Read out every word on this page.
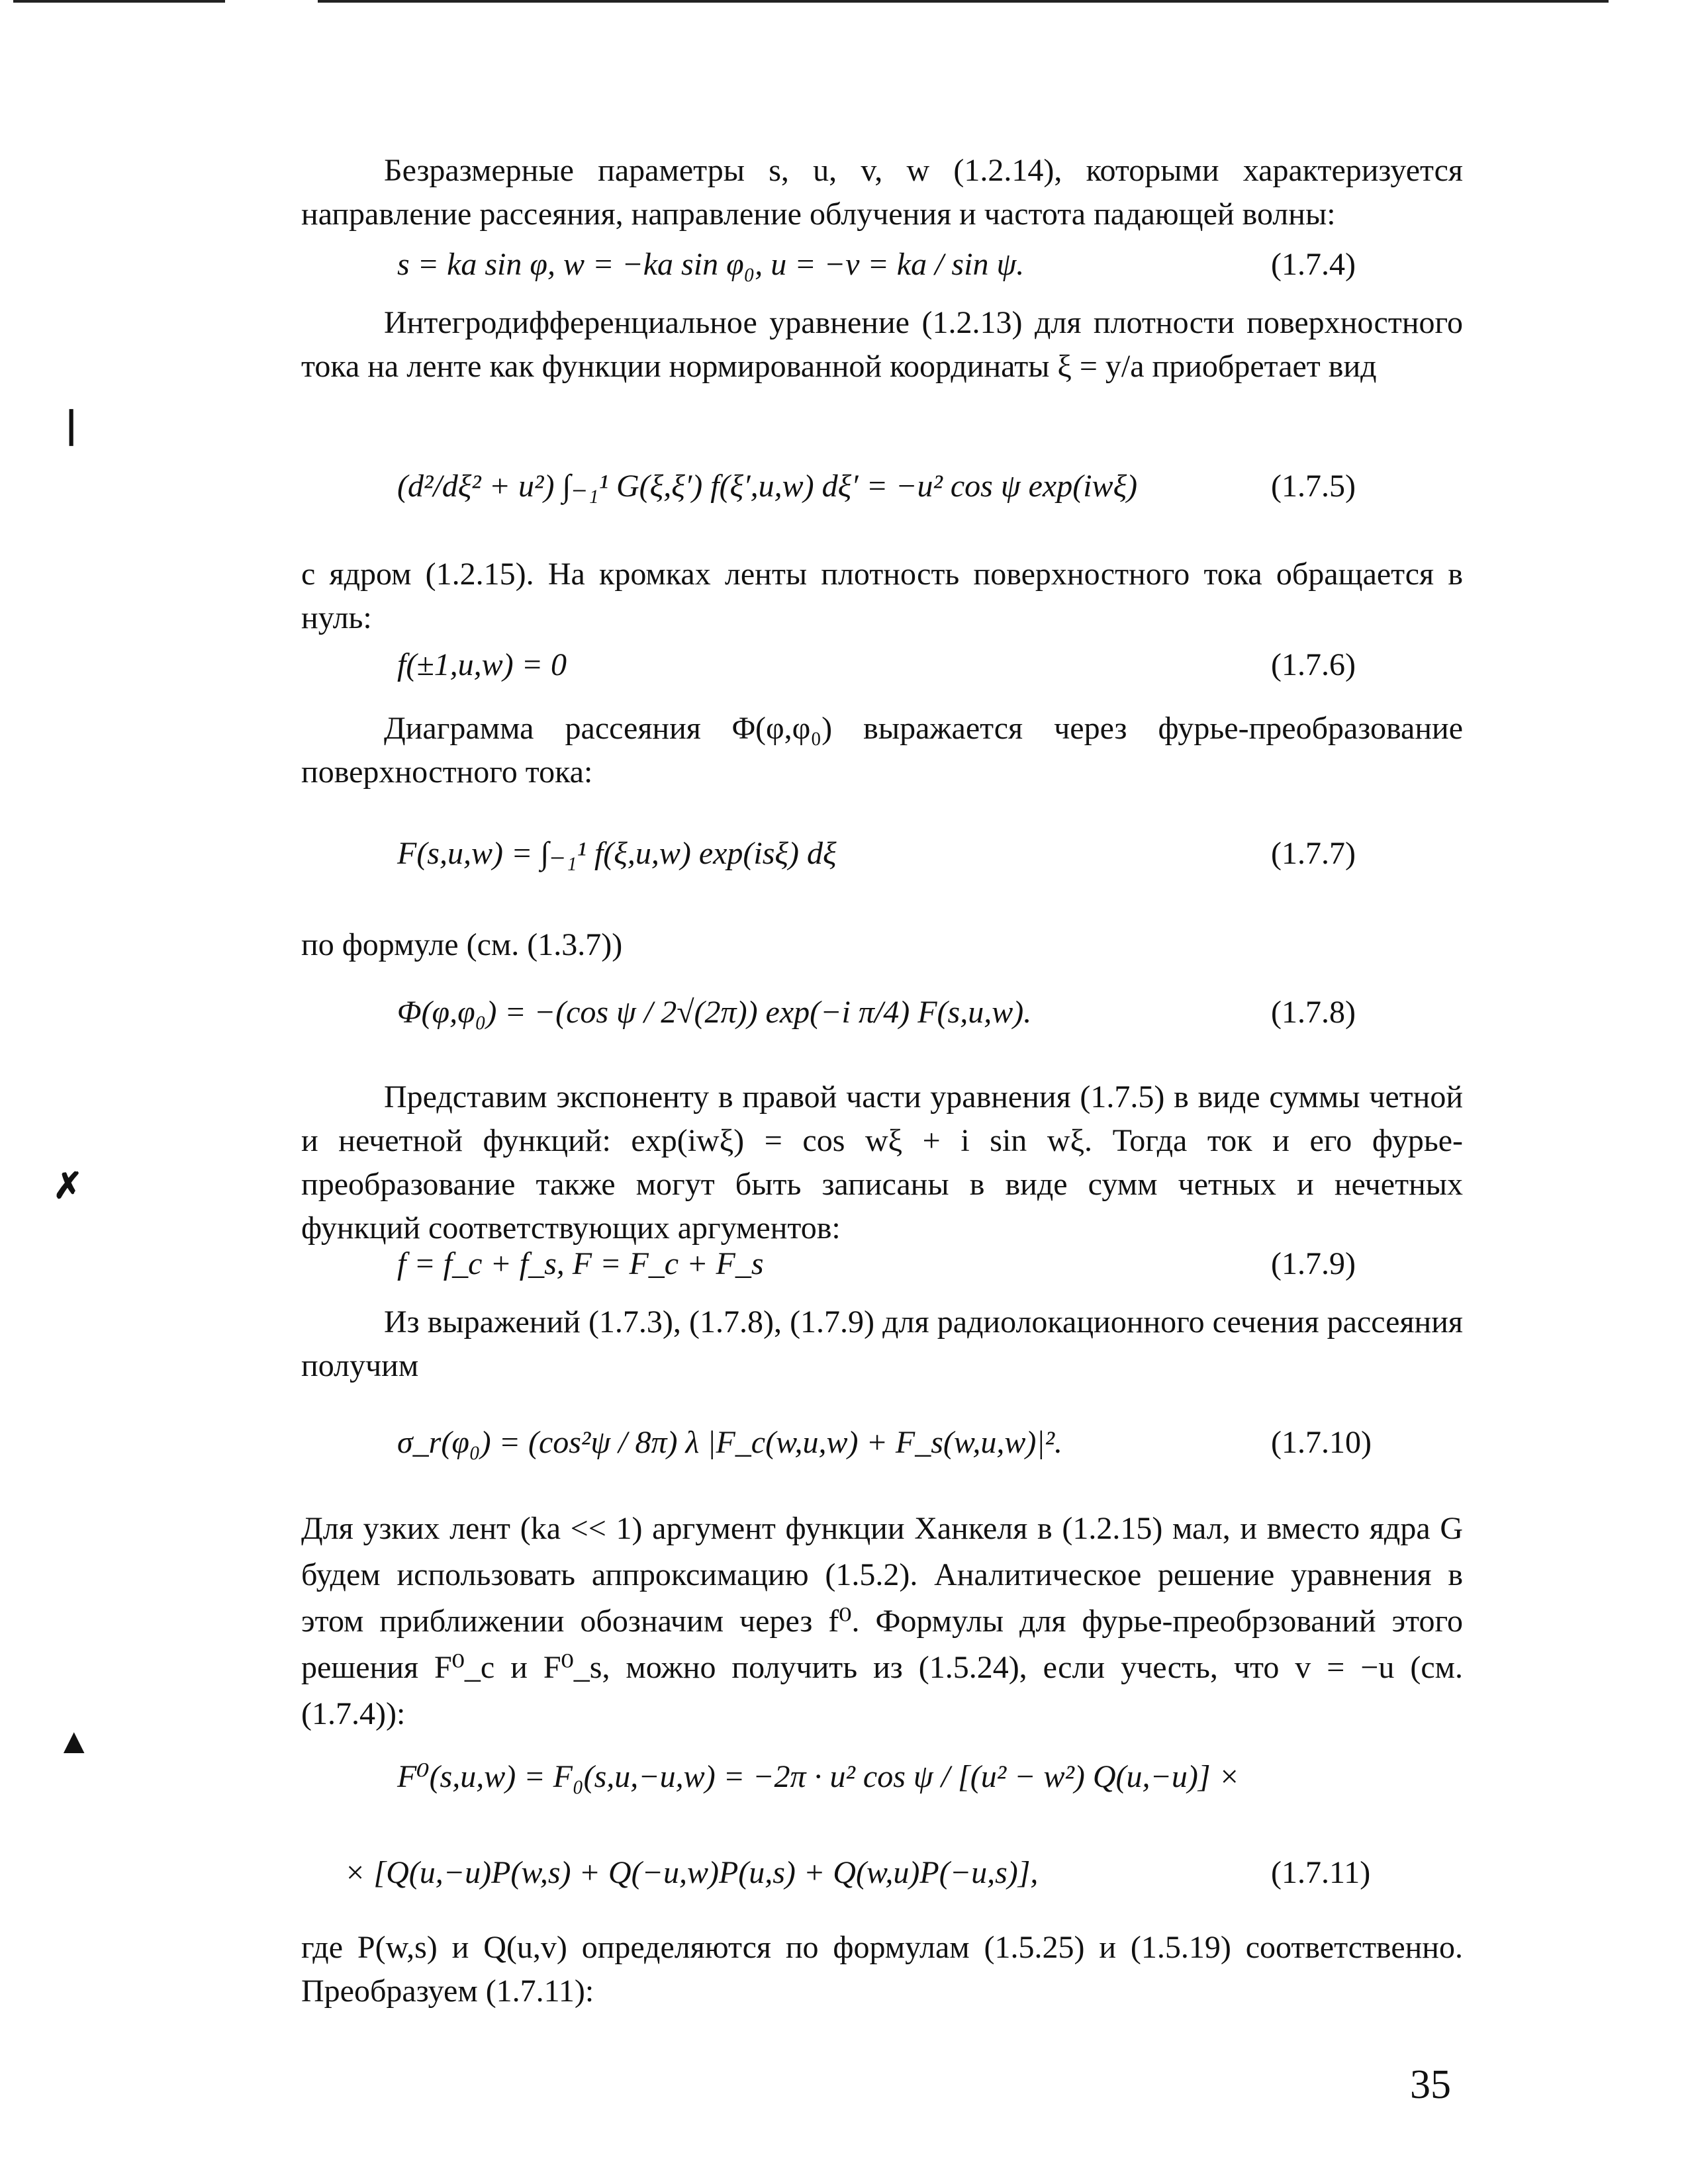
Безразмерные параметры s, u, v, w (1.2.14), которыми характеризуется направление рассеяния, направление облучения и частота падающей волны:
s = ka sin φ, w = −ka sin φ₀, u = −v = ka / sin ψ.	(1.7.4)
Интегродифференциальное уравнение (1.2.13) для плотности поверхностного тока на ленте как функции нормированной координаты ξ = y/a приобретает вид
(d²/dξ² + u²) ∫₋₁¹ G(ξ,ξ′) f(ξ′,u,w) dξ′ = −u² cos ψ exp(iwξ)	(1.7.5)
с ядром (1.2.15). На кромках ленты плотность поверхностного тока обращается в нуль:
f(±1,u,w) = 0	(1.7.6)
Диаграмма рассеяния Φ(φ,φ₀) выражается через фурье-преобразование поверхностного тока:
F(s,u,w) = ∫₋₁¹ f(ξ,u,w) exp(isξ) dξ	(1.7.7)
по формуле (см. (1.3.7))
Φ(φ,φ₀) = −(cos ψ / 2√(2π)) exp(−i π/4) F(s,u,w).	(1.7.8)
Представим экспоненту в правой части уравнения (1.7.5) в виде суммы четной и нечетной функций: exp(iwξ) = cos wξ + i sin wξ. Тогда ток и его фурье-преобразование также могут быть записаны в виде сумм четных и нечетных функций соответствующих аргументов:
f = f_c + f_s, F = F_c + F_s	(1.7.9)
Из выражений (1.7.3), (1.7.8), (1.7.9) для радиолокационного сечения рассеяния получим
σ_r(φ₀) = (cos²ψ / 8π) λ |F_c(w,u,w) + F_s(w,u,w)|².	(1.7.10)
Для узких лент (ka << 1) аргумент функции Ханкеля в (1.2.15) мал, и вместо ядра G будем использовать аппроксимацию (1.5.2). Аналитическое решение уравнения в этом приближении обозначим через f⁰. Формулы для фурье-преобрзований этого решения F⁰_c и F⁰_s, можно получить из (1.5.24), если учесть, что v = −u (см. (1.7.4)):
F⁰(s,u,w) = F₀(s,u,−u,w) = −2π · u² cos ψ / [(u² − w²) Q(u,−u)] ×
× [Q(u,−u)P(w,s) + Q(−u,w)P(u,s) + Q(w,u)P(−u,s)],	(1.7.11)
где P(w,s) и Q(u,v) определяются по формулам (1.5.25) и (1.5.19) соответственно. Преобразуем (1.7.11):
35
❘
✗
▲
